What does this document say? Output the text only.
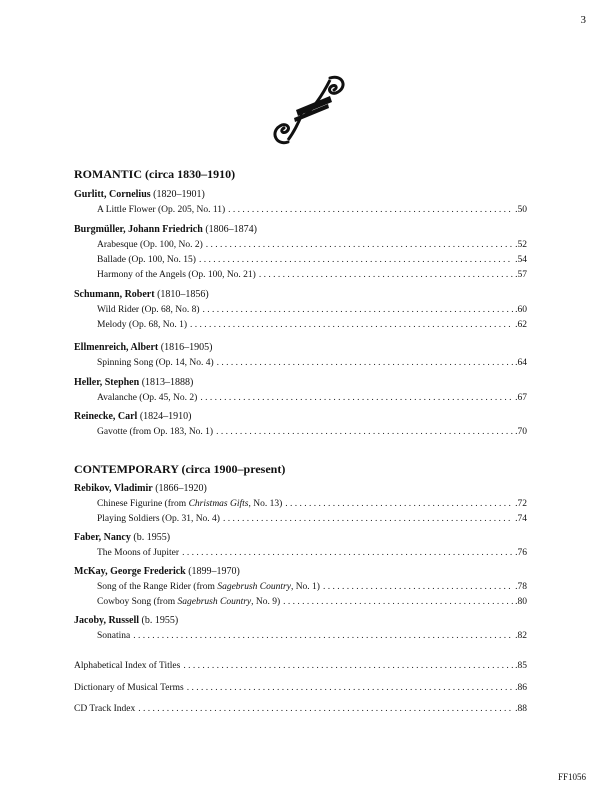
3
ROMANTIC (circa 1830–1910)
Gurlitt, Cornelius (1820–1901)
A Little Flower (Op. 205, No. 11) . . .	.50
Burgmüller, Johann Friedrich (1806–1874)
Arabesque (Op. 100, No. 2) . . .	.52
Ballade (Op. 100, No. 15) . . .	.54
Harmony of the Angels (Op. 100, No. 21) . . .	.57
Schumann, Robert (1810–1856)
Wild Rider (Op. 68, No. 8) . . .	.60
Melody (Op. 68, No. 1) . . .	.62
Ellmenreich, Albert (1816–1905)
Spinning Song (Op. 14, No. 4) . . .	.64
Heller, Stephen (1813–1888)
Avalanche (Op. 45, No. 2) . . .	.67
Reinecke, Carl (1824–1910)
Gavotte (from Op. 183, No. 1) . . .	.70
CONTEMPORARY (circa 1900–present)
Rebikov, Vladimir (1866–1920)
Chinese Figurine (from Christmas Gifts, No. 13) . . .	.72
Playing Soldiers (Op. 31, No. 4) . . .	.74
Faber, Nancy (b. 1955)
The Moons of Jupiter . . .	.76
McKay, George Frederick (1899–1970)
Song of the Range Rider (from Sagebrush Country, No. 1) . . .	.78
Cowboy Song (from Sagebrush Country, No. 9) . . .	.80
Jacoby, Russell (b. 1955)
Sonatina . . .	.82
Alphabetical Index of Titles . . .	.85
Dictionary of Musical Terms . . .	.86
CD Track Index . . .	.88
FF1056
